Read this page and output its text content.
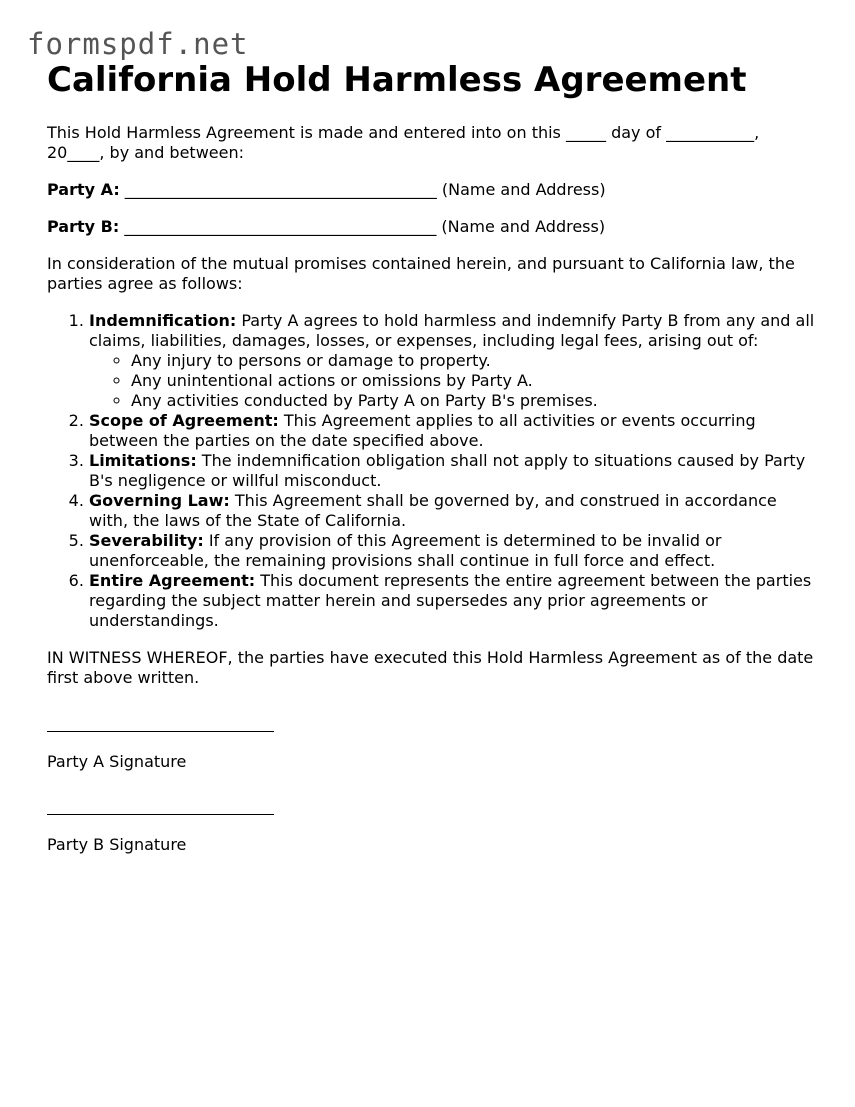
formspdf.net
California Hold Harmless Agreement

This Hold Harmless Agreement is made and entered into on this _____ day of ___________, 20____, by and between:

Party A: _______________________________________ (Name and Address)

Party B: _______________________________________ (Name and Address)

In consideration of the mutual promises contained herein, and pursuant to California law, the parties agree as follows:

1. Indemnification: Party A agrees to hold harmless and indemnify Party B from any and all claims, liabilities, damages, losses, or expenses, including legal fees, arising out of:
◦ Any injury to persons or damage to property.
◦ Any unintentional actions or omissions by Party A.
◦ Any activities conducted by Party A on Party B's premises.
2. Scope of Agreement: This Agreement applies to all activities or events occurring between the parties on the date specified above.
3. Limitations: The indemnification obligation shall not apply to situations caused by Party B's negligence or willful misconduct.
4. Governing Law: This Agreement shall be governed by, and construed in accordance with, the laws of the State of California.
5. Severability: If any provision of this Agreement is determined to be invalid or unenforceable, the remaining provisions shall continue in full force and effect.
6. Entire Agreement: This document represents the entire agreement between the parties regarding the subject matter herein and supersedes any prior agreements or understandings.

IN WITNESS WHEREOF, the parties have executed this Hold Harmless Agreement as of the date first above written.

Party A Signature

Party B Signature
